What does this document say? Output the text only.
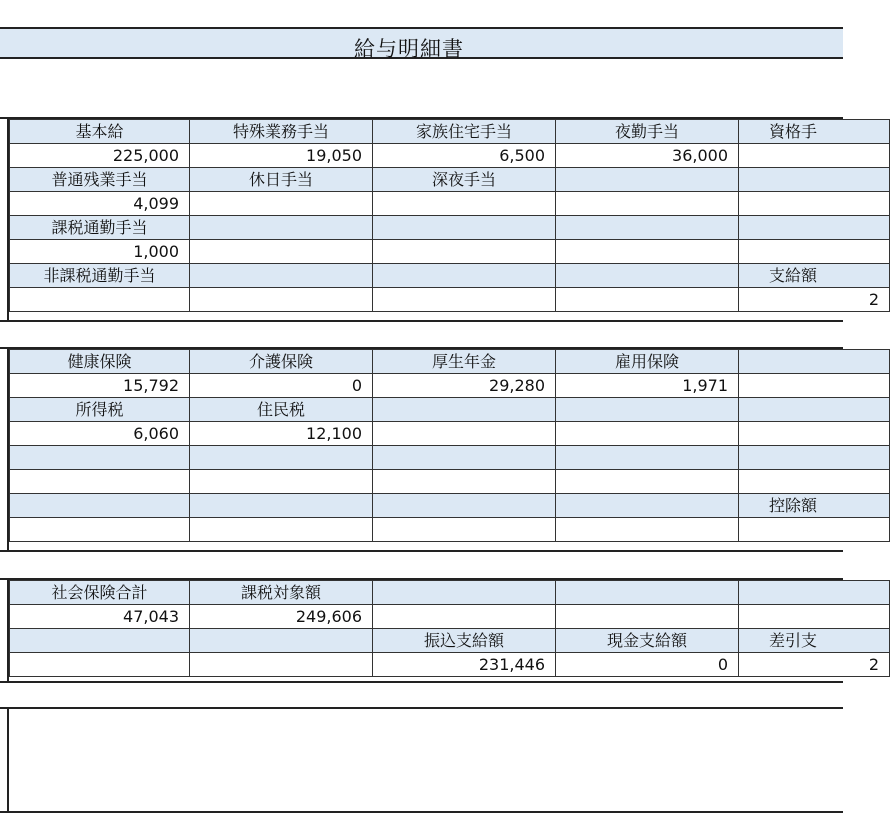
給与明細書
基本給	特殊業務手当	家族住宅手当	夜勤手当	資格手
225,000	19,050	6,500	36,000	
普通残業手当	休日手当	深夜手当		
4,099				
課税通勤手当				
1,000				
非課税通勤手当				支給額
				2
健康保険	介護保険	厚生年金	雇用保険	
15,792	0	29,280	1,971	
所得税	住民税			
6,060	12,100			

				控除額

社会保険合計	課税対象額			
47,043	249,606			
		振込支給額	現金支給額	差引支
		231,446	0	2
